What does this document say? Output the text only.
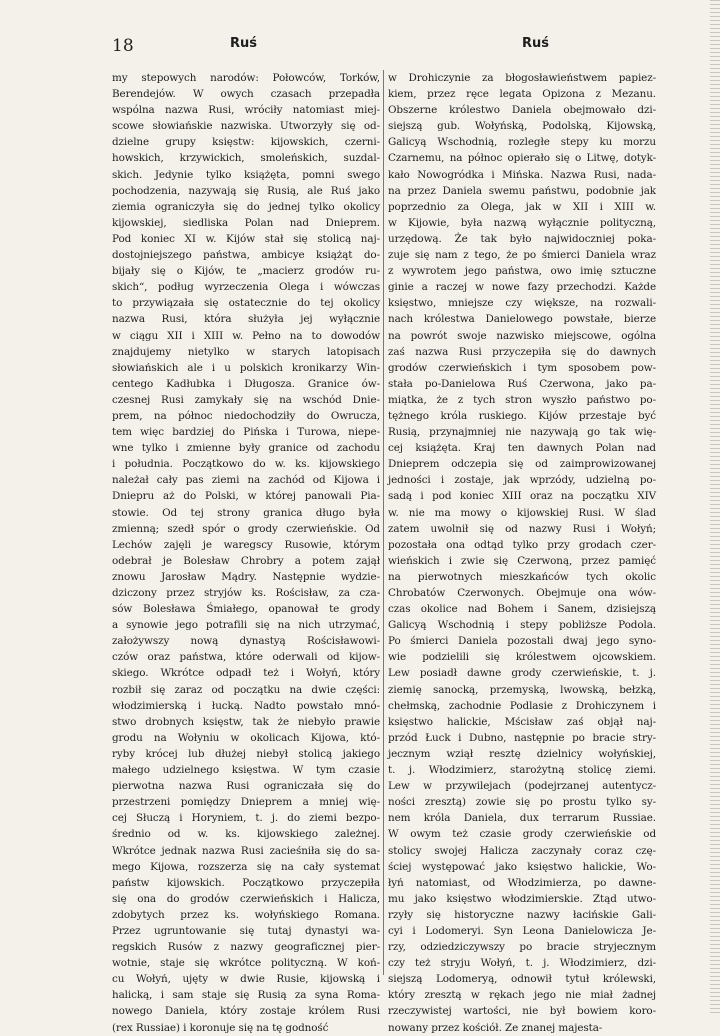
18	Ruś	Ruś
my stepowych narodów: Połowców, Torków,
Berendejów. W owych czasach przepadła
wspólna nazwa Rusi, wróciły natomiast miej-
scowe słowiańskie nazwiska. Utworzyły się od-
dzielne grupy księstw: kijowskich, czerni-
howskich, krzywickich, smoleńskich, suzdal-
skich. Jedynie tylko książęta, pomni swego
pochodzenia, nazywają się Rusią, ale Ruś jako
ziemia ograniczyła się do jednej tylko okolicy
kijowskiej, siedliska Polan nad Dnieprem.
Pod koniec XI w. Kijów stał się stolicą naj-
dostojniejszego państwa, ambicye książąt do-
bijały się o Kijów, te „macierz grodów ru-
skich“, podług wyrzeczenia Olega i wówczas
to przywiązała się ostatecznie do tej okolicy
nazwa Rusi, która służyła jej wyłącznie
w ciągu XII i XIII w. Pełno na to dowodów
znajdujemy nietylko w starych latopisach
słowiańskich ale i u polskich kronikarzy Win-
centego Kadłubka i Długosza. Granice ów-
czesnej Rusi zamykały się na wschód Dnie-
prem, na północ niedochodziły do Owrucza,
tem więc bardziej do Pińska i Turowa, niepe-
wne tylko i zmienne były granice od zachodu
i południa. Początkowo do w. ks. kijowskiego
należał cały pas ziemi na zachód od Kijowa i
Dniepru aż do Polski, w której panowali Pia-
stowie. Od tej strony granica długo była
zmienną; szedł spór o grody czerwieńskie. Od
Lechów zajęli je waregscy Rusowie, którym
odebrał je Bolesław Chrobry a potem zajął
znowu Jarosław Mądry. Następnie wydzie-
dziczony przez stryjów ks. Rościsław, za cza-
sów Bolesława Śmiałego, opanował te grody
a synowie jego potrafili się na nich utrzymać,
założywszy nową dynastyą Rościsławowi-
czów oraz państwa, które oderwali od kijow-
skiego. Wkrótce odpadł też i Wołyń, który
rozbił się zaraz od początku na dwie części:
włodzimierską i łucką. Nadto powstało mnó-
stwo drobnych księstw, tak że niebyło prawie
grodu na Wołyniu w okolicach Kijowa, któ-
ryby krócej lub dłużej niebył stolicą jakiego
małego udzielnego księstwa. W tym czasie
pierwotna nazwa Rusi ograniczała się do
przestrzeni pomiędzy Dnieprem a mniej wię-
cej Słuczą i Horyniem, t. j. do ziemi bezpo-
średnio od w. ks. kijowskiego zależnej.
Wkrótce jednak nazwa Rusi zacieśniła się do sa-
mego Kijowa, rozszerza się na cały systemat
państw kijowskich. Początkowo przyczepiła
się ona do grodów czerwieńskich i Halicza,
zdobytych przez ks. wołyńskiego Romana.
Przez ugruntowanie się tutaj dynastyi wa-
regskich Rusów z nazwy geograficznej pier-
wotnie, staje się wkrótce polityczną. W koń-
cu Wołyń, ujęty w dwie Rusie, kijowską i
halicką, i sam staje się Rusią za syna Roma-
nowego Daniela, który zostaje królem Rusi
(rex Russiae) i koronuje się na tę godność
w Drohiczynie za błogosławieństwem papiez-
kiem, przez ręce legata Opizona z Mezanu.
Obszerne królestwo Daniela obejmowało dzi-
siejszą gub. Wołyńską, Podolską, Kijowską,
Galicyą Wschodnią, rozległe stepy ku morzu
Czarnemu, na północ opierało się o Litwę, dotyk-
kało Nowogródka i Mińska. Nazwa Rusi, nada-
na przez Daniela swemu państwu, podobnie jak
poprzednio za Olega, jak w XII i XIII w.
w Kijowie, była nazwą wyłącznie polityczną,
urzędową. Że tak było najwidoczniej poka-
zuje się nam z tego, że po śmierci Daniela wraz
z wywrotem jego państwa, owo imię sztuczne
ginie a raczej w nowe fazy przechodzi. Każde
księstwo, mniejsze czy większe, na rozwali-
nach królestwa Danielowego powstałe, bierze
na powrót swoje nazwisko miejscowe, ogólna
zaś nazwa Rusi przyczepiła się do dawnych
grodów czerwieńskich i tym sposobem pow-
stała po-Danielowa Ruś Czerwona, jako pa-
miątka, że z tych stron wyszło państwo po-
tężnego króla ruskiego. Kijów przestaje być
Rusią, przynajmniej nie nazywają go tak wię-
cej książęta. Kraj ten dawnych Polan nad
Dnieprem odczepia się od zaimprowizowanej
jedności i zostaje, jak wprzódy, udzielną po-
sadą i pod koniec XIII oraz na początku XIV
w. nie ma mowy o kijowskiej Rusi. W ślad
zatem uwolnił się od nazwy Rusi i Wołyń;
pozostała ona odtąd tylko przy grodach czer-
wieńskich i zwie się Czerwoną, przez pamięć
na pierwotnych mieszkańców tych okolic
Chrobatów Czerwonych. Obejmuje ona wów-
czas okolice nad Bohem i Sanem, dzisiejszą
Galicyą Wschodnią i stepy pobliższe Podola.
Po śmierci Daniela pozostali dwaj jego syno-
wie podzielili się królestwem ojcowskiem.
Lew posiadł dawne grody czerwieńskie, t. j.
ziemię sanocką, przemyską, lwowską, bełzką,
chełmską, zachodnie Podlasie z Drohiczynem i
księstwo halickie, Mścisław zaś objął naj-
przód Łuck i Dubno, następnie po bracie stry-
jecznym wziął resztę dzielnicy wołyńskiej,
t. j. Włodzimierz, starożytną stolicę ziemi.
Lew w przywilejach (podejrzanej autentycz-
ności zresztą) zowie się po prostu tylko sy-
nem króla Daniela, dux terrarum Russiae.
W owym też czasie grody czerwieńskie od
stolicy swojej Halicza zaczynały coraz czę-
ściej występować jako księstwo halickie, Wo-
łyń natomiast, od Włodzimierza, po dawne-
mu jako księstwo włodzimierskie. Ztąd utwo-
rzyły się historyczne nazwy łacińskie Gali-
cyi i Lodomeryi. Syn Leona Danielowicza Je-
rzy, odziedziczywszy po bracie stryjecznym
czy też stryju Wołyń, t. j. Włodzimierz, dzi-
siejszą Lodomeryą, odnowił tytuł królewski,
który zresztą w rękach jego nie miał żadnej
rzeczywistej wartości, nie był bowiem koro-
nowany przez kościół. Ze znanej majesta-
